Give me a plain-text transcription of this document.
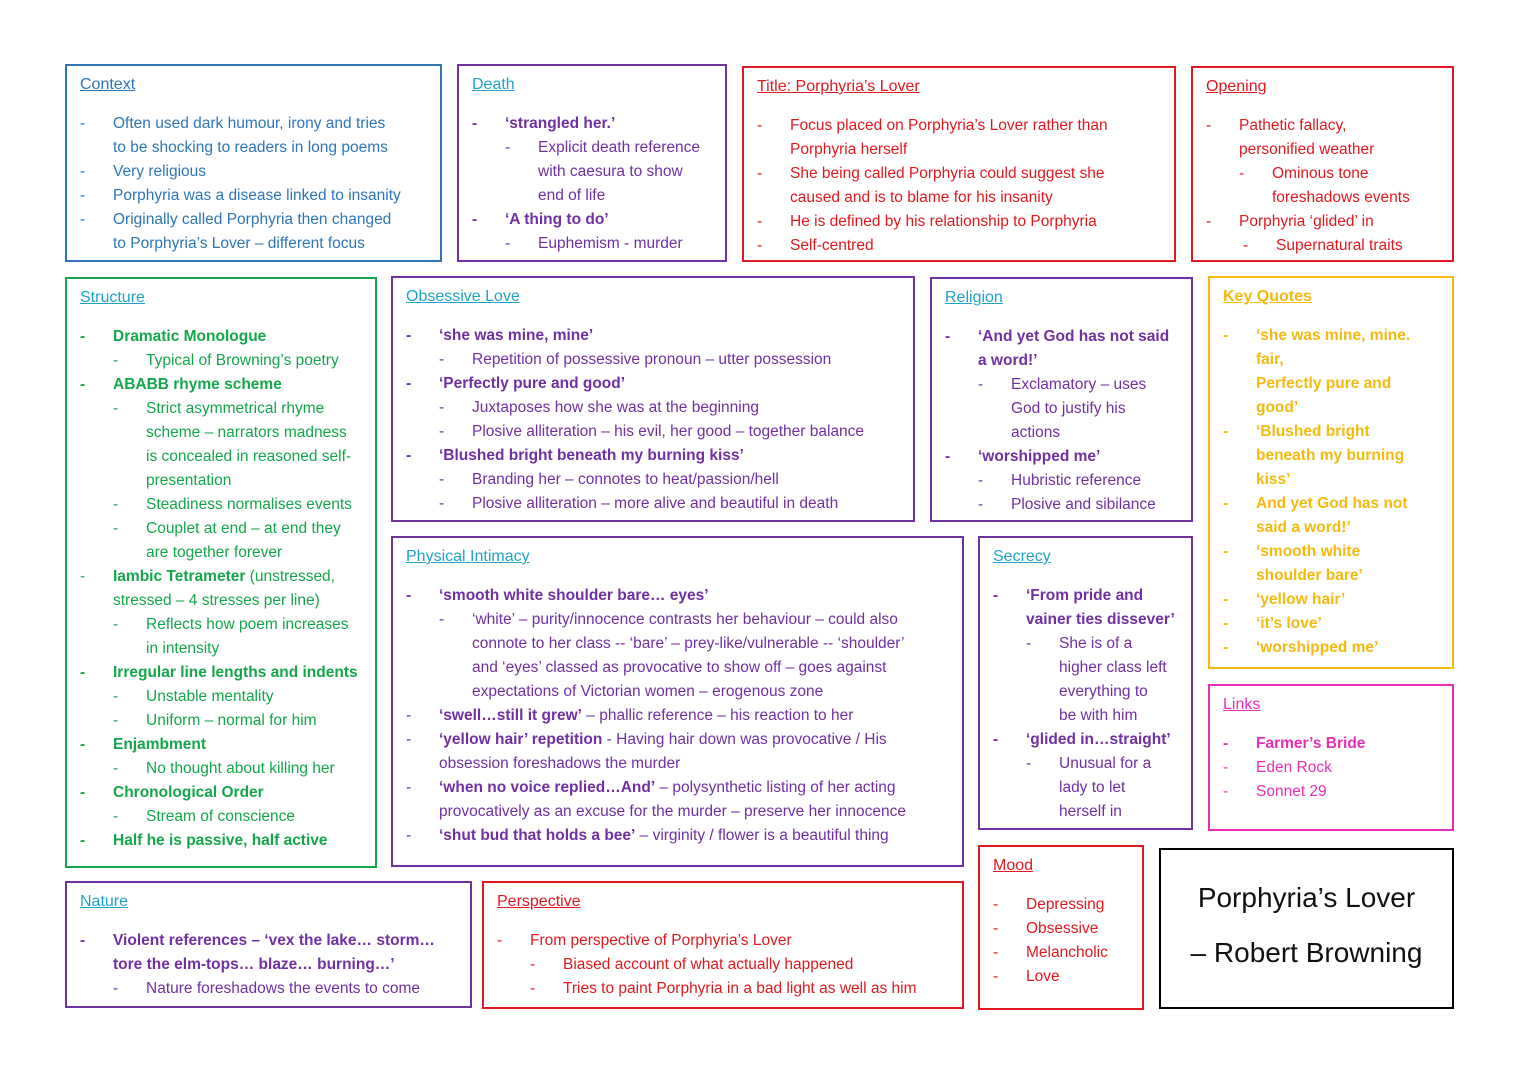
Context
- Often used dark humour, irony and tries
to be shocking to readers in long poems
- Very religious
- Porphyria was a disease linked to insanity
- Originally called Porphyria then changed
to Porphyria’s Lover – different focus
Death
- ‘strangled her.’
- Explicit death reference
with caesura to show
end of life
- ‘A thing to do’
- Euphemism - murder
Title: Porphyria’s Lover
- Focus placed on Porphyria’s Lover rather than
Porphyria herself
- She being called Porphyria could suggest she
caused and is to blame for his insanity
- He is defined by his relationship to Porphyria
- Self-centred
Opening
- Pathetic fallacy,
personified weather
- Ominous tone
foreshadows events
- Porphyria ‘glided’ in
- Supernatural traits
Structure
- Dramatic Monologue
- Typical of Browning’s poetry
- ABABB rhyme scheme
- Strict asymmetrical rhyme
scheme – narrators madness
is concealed in reasoned self-
presentation
- Steadiness normalises events
- Couplet at end – at end they
are together forever
- Iambic Tetrameter (unstressed,
stressed – 4 stresses per line)
- Reflects how poem increases
in intensity
- Irregular line lengths and indents
- Unstable mentality
- Uniform – normal for him
- Enjambment
- No thought about killing her
- Chronological Order
- Stream of conscience
- Half he is passive, half active
Obsessive Love
- ‘she was mine, mine’
- Repetition of possessive pronoun – utter possession
- ‘Perfectly pure and good’
- Juxtaposes how she was at the beginning
- Plosive alliteration – his evil, her good – together balance
- ‘Blushed bright beneath my burning kiss’
- Branding her – connotes to heat/passion/hell
- Plosive alliteration – more alive and beautiful in death
Religion
- ‘And yet God has not said
a word!’
- Exclamatory – uses
God to justify his
actions
- ‘worshipped me’
- Hubristic reference
- Plosive and sibilance
Key Quotes
- ‘she was mine, mine.
fair,
Perfectly pure and
good’
- ‘Blushed bright
beneath my burning
kiss’
- And yet God has not
said a word!’
- ‘smooth white
shoulder bare’
- ‘yellow hair’
- ‘it’s love’
- ‘worshipped me’
Physical Intimacy
- ‘smooth white shoulder bare… eyes’
- ‘white’ – purity/innocence contrasts her behaviour – could also
connote to her class -- ‘bare’ – prey-like/vulnerable -- ‘shoulder’
and ‘eyes’ classed as provocative to show off – goes against
expectations of Victorian women – erogenous zone
- ‘swell…still it grew’ – phallic reference – his reaction to her
- ‘yellow hair’ repetition - Having hair down was provocative / His
obsession foreshadows the murder
- ‘when no voice replied…And’ – polysynthetic listing of her acting
provocatively as an excuse for the murder – preserve her innocence
- ‘shut bud that holds a bee’ – virginity / flower is a beautiful thing
Secrecy
- ‘From pride and
vainer ties dissever’
- She is of a
higher class left
everything to
be with him
- ‘glided in…straight’
- Unusual for a
lady to let
herself in
Links
- Farmer’s Bride
- Eden Rock
- Sonnet 29
Nature
- Violent references – ‘vex the lake… storm…
tore the elm-tops… blaze… burning…’
- Nature foreshadows the events to come
Perspective
- From perspective of Porphyria’s Lover
- Biased account of what actually happened
- Tries to paint Porphyria in a bad light as well as him
Mood
- Depressing
- Obsessive
- Melancholic
- Love
Porphyria’s Lover
– Robert Browning
